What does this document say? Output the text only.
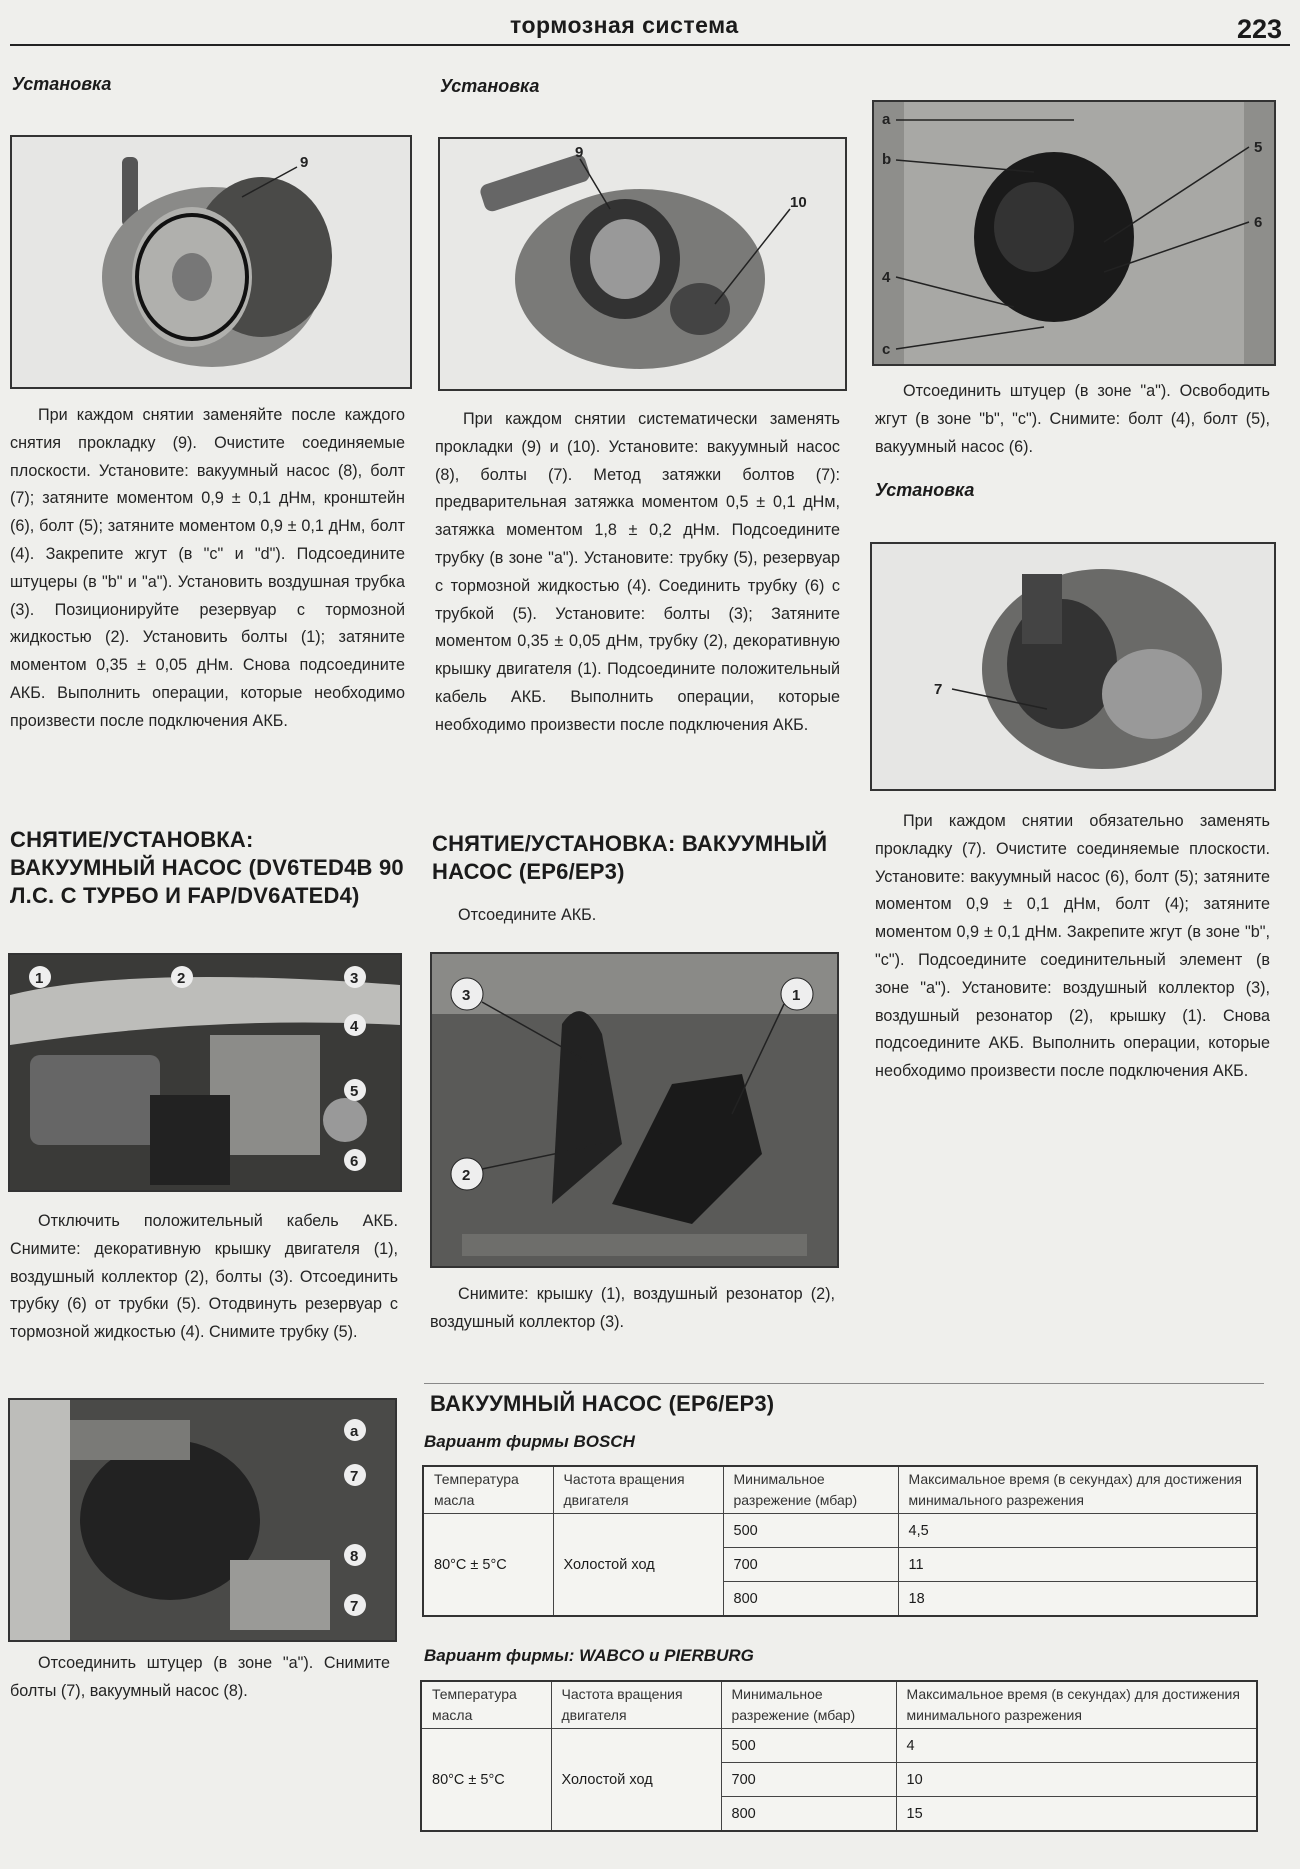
тормозная система	223
Установка
9
При каждом снятии заменяйте после каждого снятия прокладку (9). Очистите соединяемые плоскости. Установите: вакуумный насос (8), болт (7); затяните моментом 0,9 ± 0,1 дНм, кронштейн (6), болт (5); затяните моментом 0,9 ± 0,1 дНм, болт (4). Закрепите жгут (в "c" и "d"). Подсоедините штуцеры (в "b" и "a"). Установить воздушная трубка (3). Позиционируйте резервуар с тормозной жидкостью (2). Установить болты (1); затяните моментом 0,35 ± 0,05 дНм. Снова подсоедините АКБ. Выполнить операции, которые необходимо произвести после подключения АКБ.
СНЯТИЕ/УСТАНОВКА: ВАКУУМНЫЙ НАСОС (DV6TED4B 90 Л.С. С ТУРБО И FAP/DV6ATED4)
1	2	3
4
5
6
Отключить положительный кабель АКБ. Снимите: декоративную крышку двигателя (1), воздушный коллектор (2), болты (3). Отсоединить трубку (6) от трубки (5). Отодвинуть резервуар с тормозной жидкостью (4). Снимите трубку (5).
a
7
8
7
Отсоединить штуцер (в зоне "a"). Снимите болты (7), вакуумный насос (8).
Установка
9
10
При каждом снятии систематически заменять прокладки (9) и (10). Установите: вакуумный насос (8), болты (7). Метод затяжки болтов (7): предварительная затяжка моментом 0,5 ± 0,1 дНм, затяжка моментом 1,8 ± 0,2 дНм. Подсоедините трубку (в зоне "a"). Установите: трубку (5), резервуар с тормозной жидкостью (4). Соединить трубку (6) с трубкой (5). Установите: болты (3); Затяните моментом 0,35 ± 0,05 дНм, трубку (2), декоративную крышку двигателя (1). Подсоедините положительный кабель АКБ. Выполнить операции, которые необходимо произвести после подключения АКБ.
СНЯТИЕ/УСТАНОВКА: ВАКУУМНЫЙ НАСОС (EP6/EP3)
Отсоедините АКБ.
3	1
2
Снимите: крышку (1), воздушный резонатор (2), воздушный коллектор (3).
a
b
5
6
4
c
Отсоединить штуцер (в зоне "a"). Освободить жгут (в зоне "b", "c"). Снимите: болт (4), болт (5), вакуумный насос (6).
Установка
7
При каждом снятии обязательно заменять прокладку (7). Очистите соединяемые плоскости. Установите: вакуумный насос (6), болт (5); затяните моментом 0,9 ± 0,1 дНм, болт (4); затяните моментом 0,9 ± 0,1 дНм. Закрепите жгут (в зоне "b", "c"). Подсоедините соединительный элемент (в зоне "a"). Установите: воздушный коллектор (3), воздушный резонатор (2), крышку (1). Снова подсоедините АКБ. Выполнить операции, которые необходимо произвести после подключения АКБ.
ВАКУУМНЫЙ НАСОС (EP6/EP3)
Вариант фирмы BOSCH
Температура масла	Частота вращения двигателя	Минимальное разрежение (мбар)	Максимальное время (в секундах) для достижения минимального разрежения
80°C ± 5°C	Холостой ход	500	4,5
		700	11
		800	18
Вариант фирмы: WABCO и PIERBURG
Температура масла	Частота вращения двигателя	Минимальное разрежение (мбар)	Максимальное время (в секундах) для достижения минимального разрежения
80°C ± 5°C	Холостой ход	500	4
		700	10
		800	15
